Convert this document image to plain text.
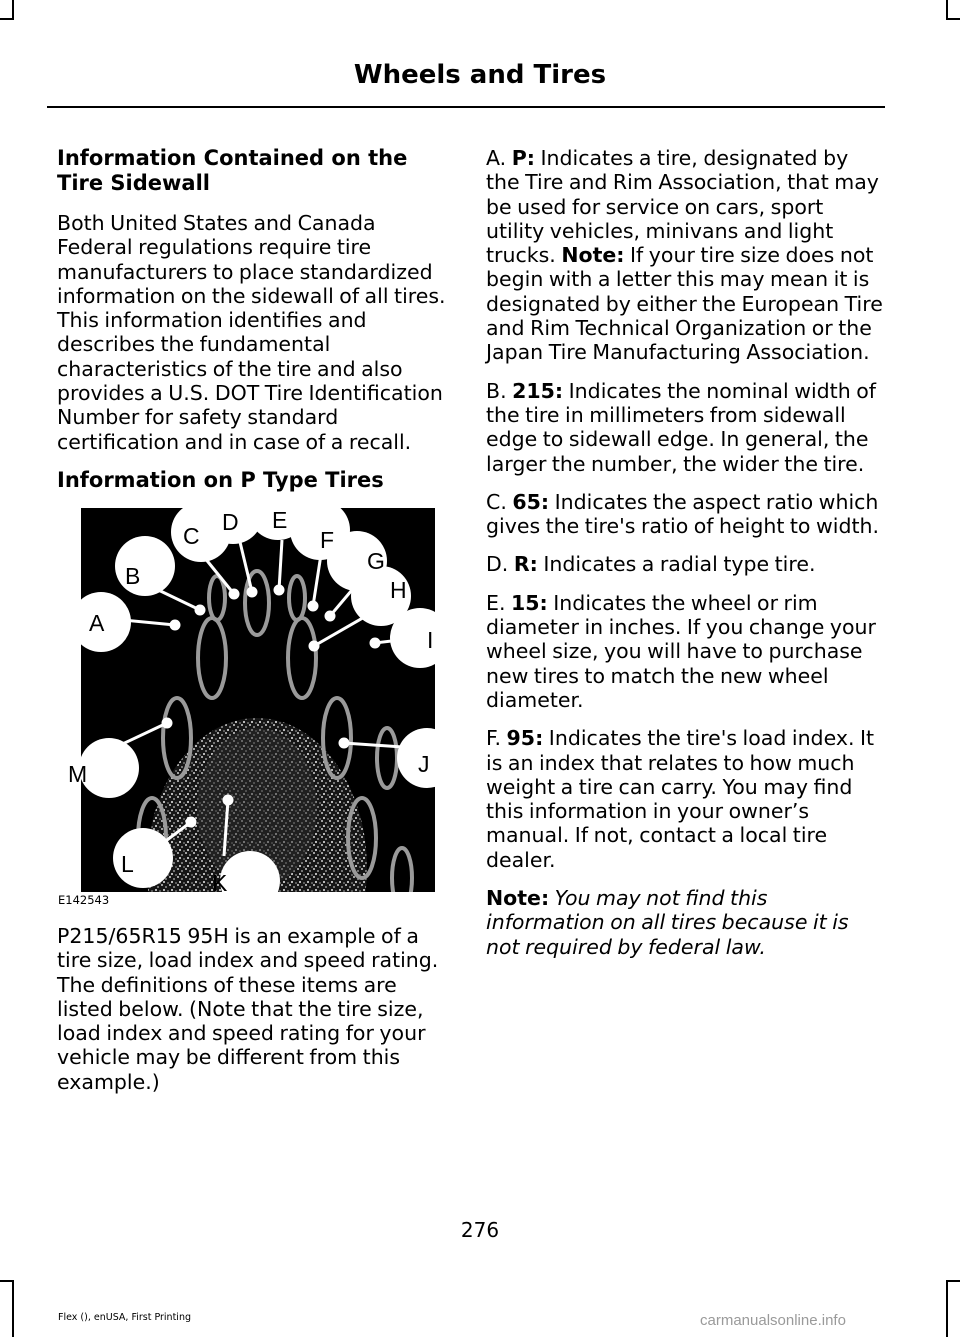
Wheels and Tires
Information Contained on the Tire Sidewall

Both United States and Canada Federal regulations require tire manufacturers to place standardized information on the sidewall of all tires. This information identifies and describes the fundamental characteristics of the tire and also provides a U.S. DOT Tire Identification Number for safety standard certification and in case of a recall.

Information on P Type Tires
A
B
C
D E
F
G
H
I
J
K
L
M
E142543

P215/65R15 95H is an example of a tire size, load index and speed rating. The definitions of these items are listed below. (Note that the tire size, load index and speed rating for your vehicle may be different from this example.)

A. P: Indicates a tire, designated by the Tire and Rim Association, that may be used for service on cars, sport utility vehicles, minivans and light trucks. Note: If your tire size does not begin with a letter this may mean it is designated by either the European Tire and Rim Technical Organization or the Japan Tire Manufacturing Association.

B. 215: Indicates the nominal width of the tire in millimeters from sidewall edge to sidewall edge. In general, the larger the number, the wider the tire.

C. 65: Indicates the aspect ratio which gives the tire's ratio of height to width.

D. R: Indicates a radial type tire.

E. 15: Indicates the wheel or rim diameter in inches. If you change your wheel size, you will have to purchase new tires to match the new wheel diameter.

F. 95: Indicates the tire's load index. It is an index that relates to how much weight a tire can carry. You may find this information in your owner’s manual. If not, contact a local tire dealer.

Note: You may not find this information on all tires because it is not required by federal law.

276
Flex (), enUSA, First Printing	carmanualsonline.info
